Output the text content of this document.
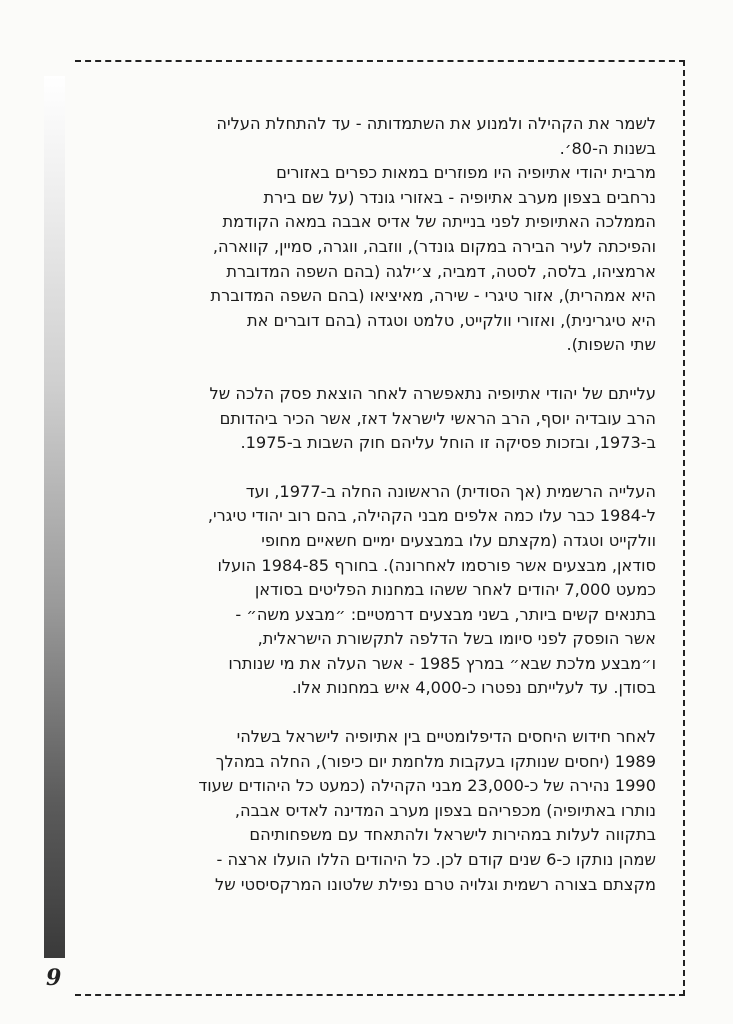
לשמר את הקהילה ולמנוע את השתמדותה - עד להתחלת העליה
בשנות ה-80׳.
מרבית יהודי אתיופיה היו מפוזרים במאות כפרים באזורים
נרחבים בצפון מערב אתיופיה - באזורי גונדר (על שם בירת
הממלכה האתיופית לפני בנייתה של אדיס אבבה במאה הקודמת
והפיכתה לעיר הבירה במקום גונדר), ווזבה, ווגרה, סמיין, קווארה,
ארמציהו, בלסה, לסטה, דמביה, צ׳ילגה (בהם השפה המדוברת
היא אמהרית), אזור טיגרי - שירה, מאיציאו (בהם השפה המדוברת
היא טיגרינית), ואזורי וולקייט, טלמט וטגדה (בהם דוברים את
שתי השפות).
עלייתם של יהודי אתיופיה נתאפשרה לאחר הוצאת פסק הלכה של
הרב עובדיה יוסף, הרב הראשי לישראל דאז, אשר הכיר ביהדותם
ב-1973, ובזכות פסיקה זו הוחל עליהם חוק השבות ב-1975.
העלייה הרשמית (אך הסודית) הראשונה החלה ב-1977, ועד
ל-1984 כבר עלו כמה אלפים מבני הקהילה, בהם רוב יהודי טיגרי,
וולקייט וטגדה (מקצתם עלו במבצעים ימיים חשאיים מחופי
סודאן, מבצעים אשר פורסמו לאחרונה). בחורף 1984-85 הועלו
כמעט 7,000 יהודים לאחר ששהו במחנות הפליטים בסודאן
בתנאים קשים ביותר, בשני מבצעים דרמטיים: ״מבצע משה״ -
אשר הופסק לפני סיומו בשל הדלפה לתקשורת הישראלית,
ו״מבצע מלכת שבא״ במרץ 1985 - אשר העלה את מי שנותרו
בסודן. עד לעלייתם נפטרו כ-4,000 איש במחנות אלו.
לאחר חידוש היחסים הדיפלומטיים בין אתיופיה לישראל בשלהי
1989 (יחסים שנותקו בעקבות מלחמת יום כיפור), החלה במהלך
1990 נהירה של כ-23,000 מבני הקהילה (כמעט כל היהודים שעוד
נותרו באתיופיה) מכפריהם בצפון מערב המדינה לאדיס אבבה,
בתקווה לעלות במהירות לישראל ולהתאחד עם משפחותיהם
שמהן נותקו כ-6 שנים קודם לכן. כל היהודים הללו הועלו ארצה -
מקצתם בצורה רשמית וגלויה טרם נפילת שלטונו המרקסיסטי של
9
